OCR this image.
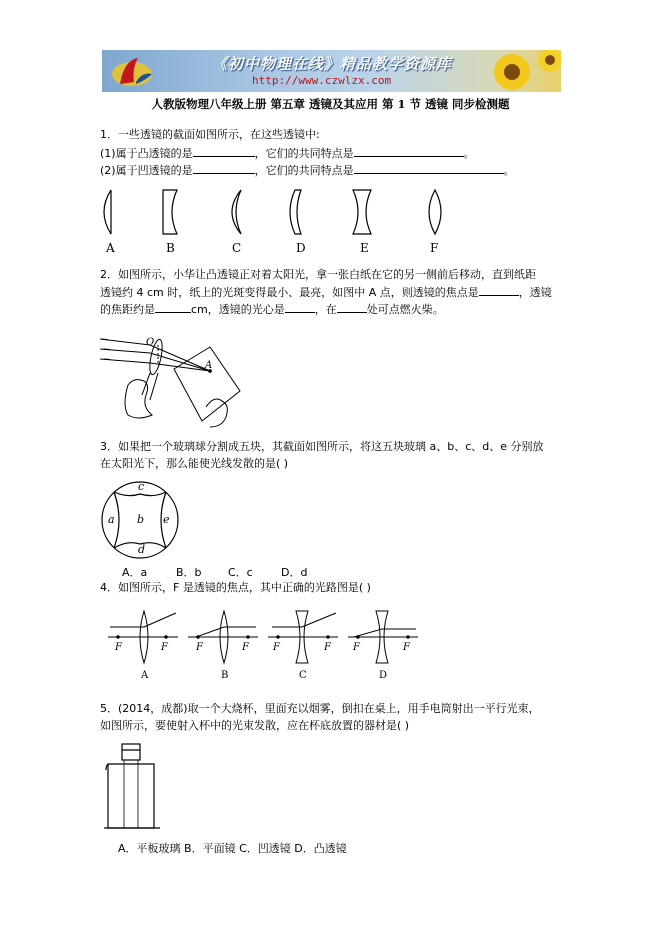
《初中物理在线》精品教学资源库
http://www.czwlzx.com
人教版物理八年级上册 第五章 透镜及其应用 第 1 节 透镜 同步检测题
1．一些透镜的截面如图所示，在这些透镜中:
(1)属于凸透镜的是	，它们的共同特点是	。
(2)属于凹透镜的是	，它们的共同特点是	。
A	B	C	D	E	F
2．如图所示，小华让凸透镜正对着太阳光，拿一张白纸在它的另一侧前后移动，直到纸距
透镜约 4 cm 时，纸上的光斑变得最小、最亮，如图中 A 点，则透镜的焦点是	，透镜
的焦距约是	cm，透镜的光心是	，在	处可点燃火柴。
O
A
3．如果把一个玻璃球分割成五块，其截面如图所示，将这五块玻璃 a、b、c、d、e 分别放
在太阳光下，那么能使光线发散的是( )
c
a b e
d
A．a	B．b C．c	D．d
4．如图所示，F 是透镜的焦点，其中正确的光路图是( )
F	F	F	F F	F F	F
A	B	C	D
5．(2014，成都)取一个大烧杯，里面充以烟雾，倒扣在桌上，用手电筒射出一平行光束，
如图所示，要使射入杯中的光束发散，应在杯底放置的器材是( )
A．平板玻璃 B．平面镜 C．凹透镜 D．凸透镜
